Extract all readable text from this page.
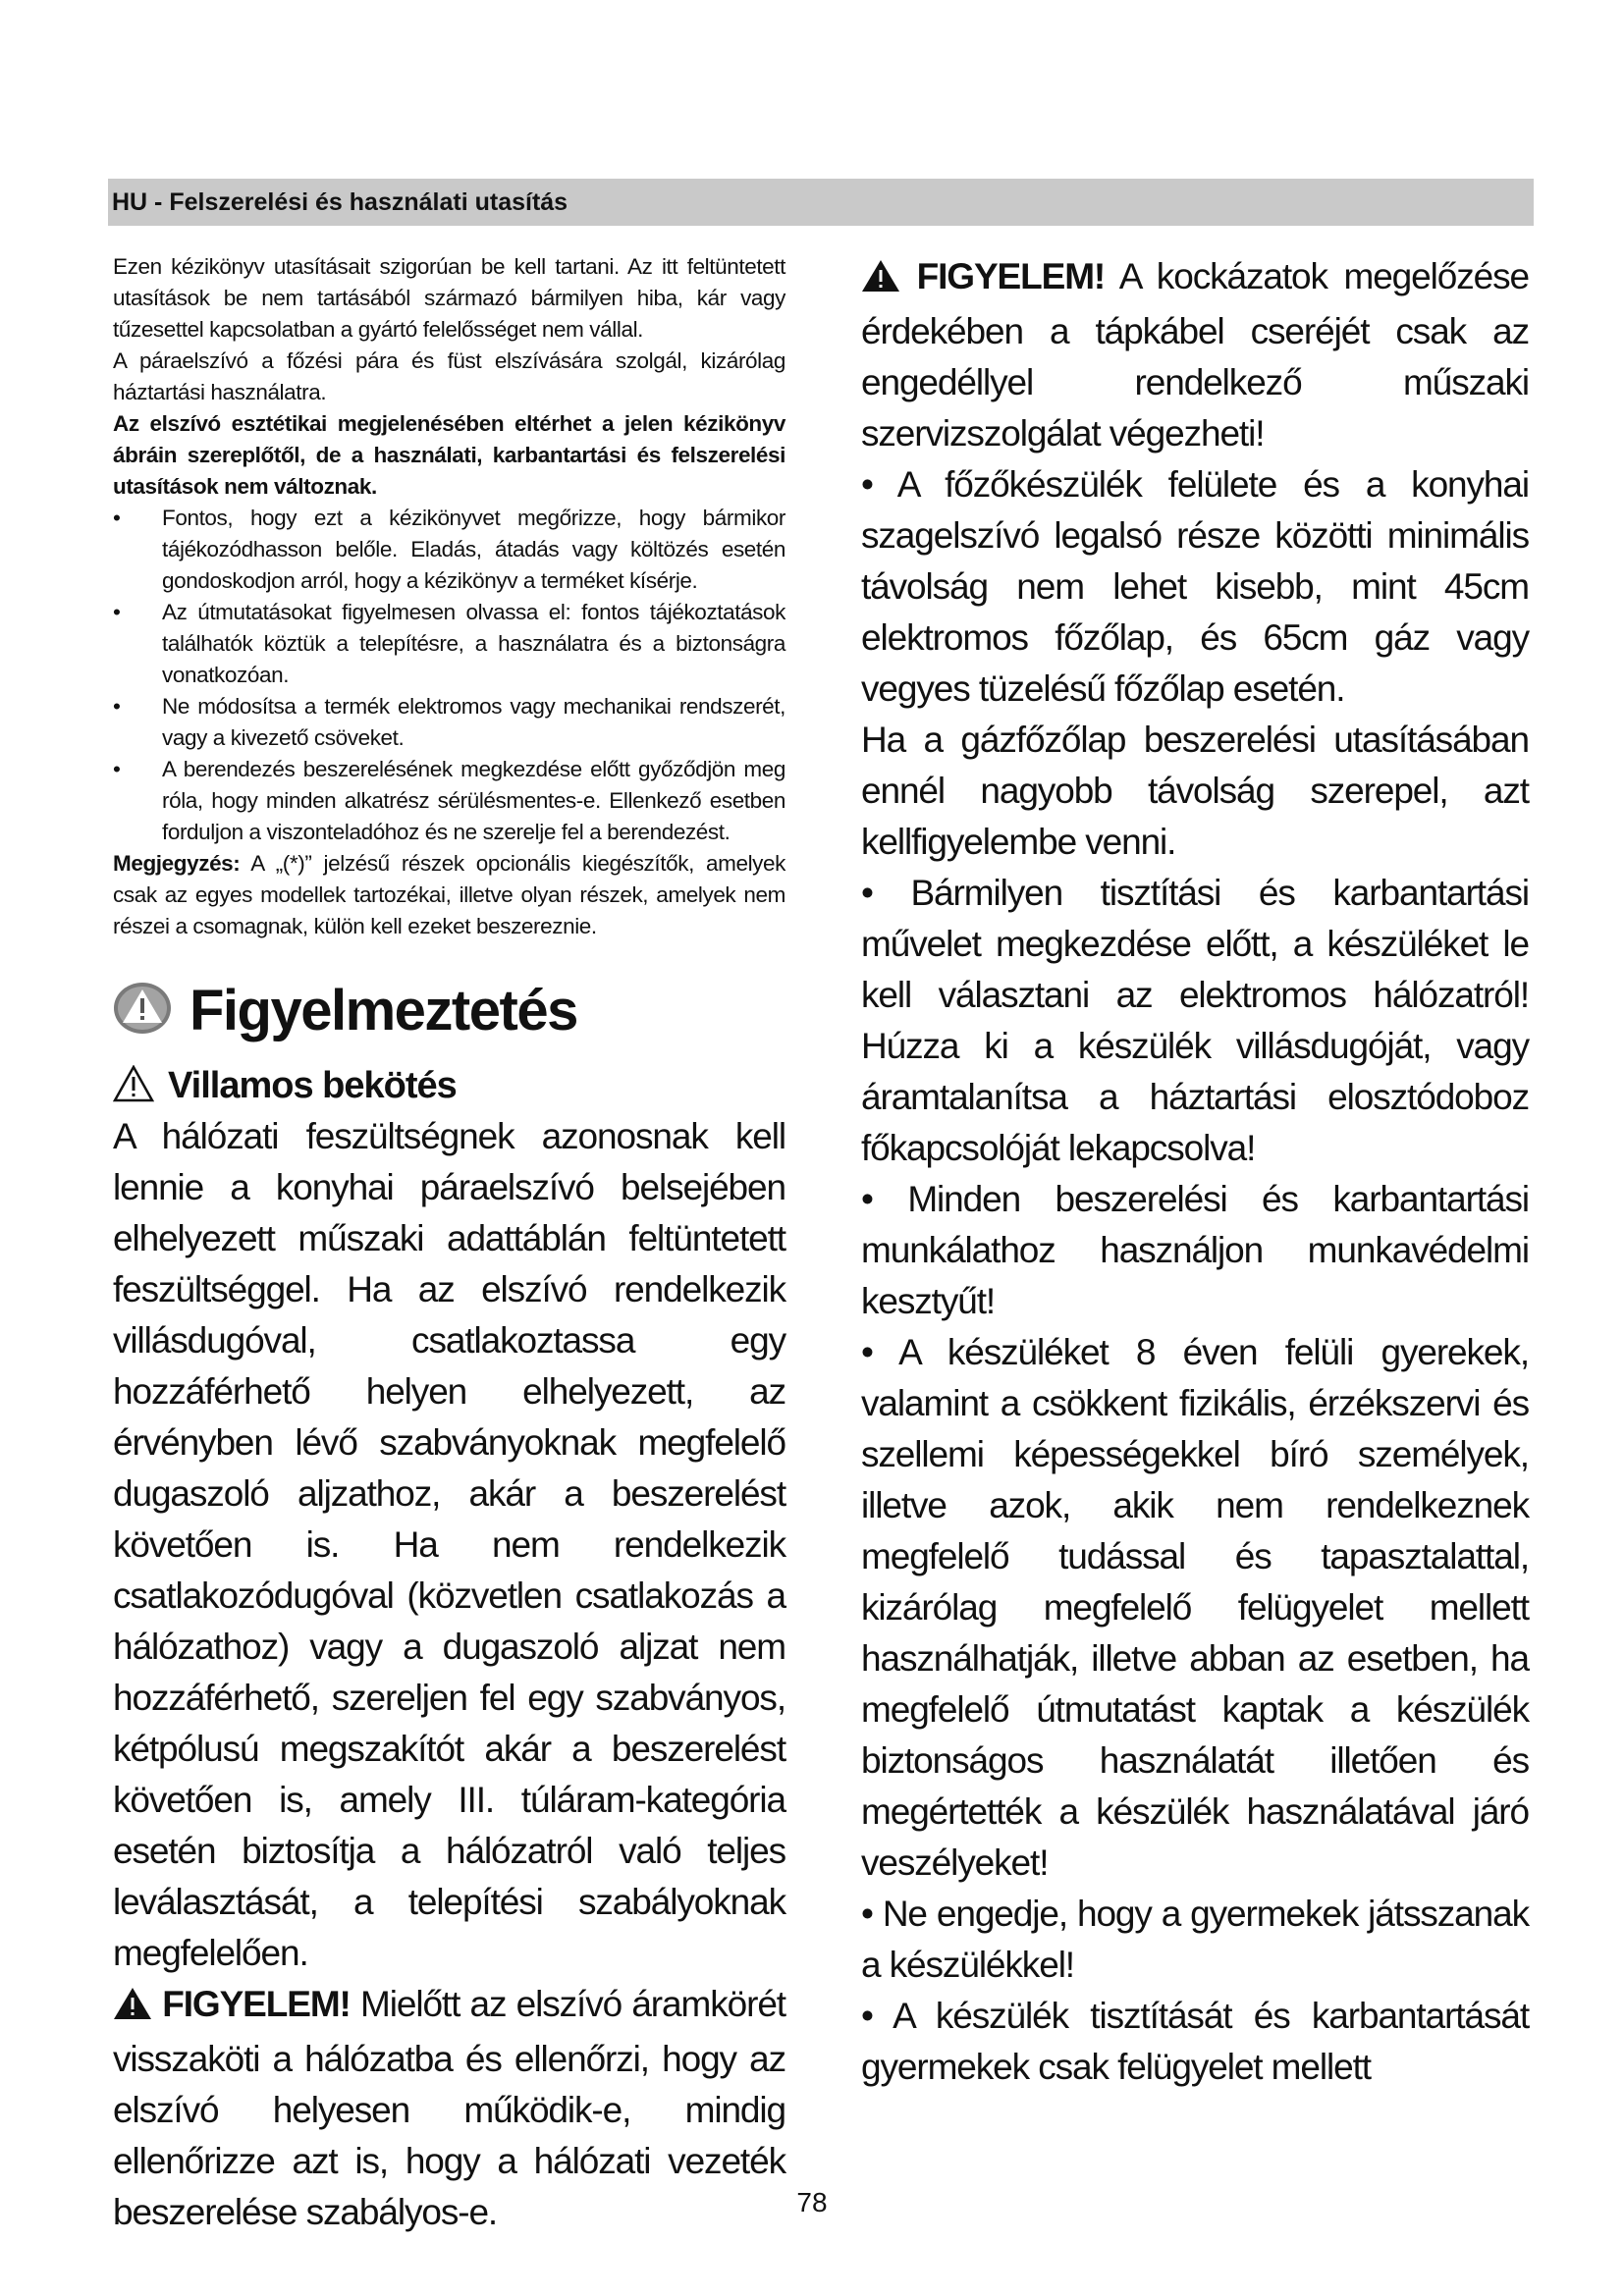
HU - Felszerelési és használati utasítás

Ezen kézikönyv utasításait szigorúan be kell tartani. Az itt feltüntetett utasítások be nem tartásából származó bármilyen hiba, kár vagy tűzesettel kapcsolatban a gyártó felelősséget nem vállal.

A páraelszívó a főzési pára és füst elszívására szolgál, kizárólag háztartási használatra.

Az elszívó esztétikai megjelenésében eltérhet a jelen kézikönyv ábráin szereplőtől, de a használati, karbantartási és felszerelési utasítások nem változnak.

• Fontos, hogy ezt a kézikönyvet megőrizze, hogy bármikor tájékozódhasson belőle. Eladás, átadás vagy költözés esetén gondoskodjon arról, hogy a kézikönyv a terméket kísérje.

• Az útmutatásokat figyelmesen olvassa el: fontos tájékoztatások találhatók köztük a telepítésre, a használatra és a biztonságra vonatkozóan.

• Ne módosítsa a termék elektromos vagy mechanikai rendszerét, vagy a kivezető csöveket.

• A berendezés beszerelésének megkezdése előtt győződjön meg róla, hogy minden alkatrész sérülésmentes-e. Ellenkező esetben forduljon a viszonteladóhoz és ne szerelje fel a berendezést.

Megjegyzés: A „(*)” jelzésű részek opcionális kiegészítők, amelyek csak az egyes modellek tartozékai, illetve olyan részek, amelyek nem részei a csomagnak, külön kell ezeket beszereznie.

Figyelmeztetés
Villamos bekötés

A hálózati feszültségnek azonosnak kell lennie a konyhai páraelszívó belsejében elhelyezett műszaki adattáblán feltüntetett feszültséggel. Ha az elszívó rendelkezik villásdugóval, csatlakoztassa egy hozzáférhető helyen elhelyezett, az érvényben lévő szabványoknak megfelelő dugaszoló aljzathoz, akár a beszerelést követően is. Ha nem rendelkezik csatlakozódugóval (közvetlen csatlakozás a hálózathoz) vagy a dugaszoló aljzat nem hozzáférhető, szereljen fel egy szabványos, kétpólusú megszakítót akár a beszerelést követően is, amely III. túláram-kategória esetén biztosítja a hálózatról való teljes leválasztását, a telepítési szabályoknak megfelelően.

FIGYELEM! Mielőtt az elszívó áramkörét visszaköti a hálózatba és ellenőrzi, hogy az elszívó helyesen működik-e, mindig ellenőrizze azt is, hogy a hálózati vezeték beszerelése szabályos-e.

FIGYELEM! A kockázatok megelőzése érdekében a tápkábel cseréjét csak az engedéllyel rendelkező műszaki szervizszolgálat végezheti!

• A főzőkészülék felülete és a konyhai szagelszívó legalsó része közötti minimális távolság nem lehet kisebb, mint 45cm elektromos főzőlap, és 65cm gáz vagy vegyes tüzelésű főzőlap esetén.

Ha a gázfőzőlap beszerelési utasításában ennél nagyobb távolság szerepel, azt kellfigyelembe venni.

• Bármilyen tisztítási és karbantartási művelet megkezdése előtt, a készüléket le kell választani az elektromos hálózatról! Húzza ki a készülék villásdugóját, vagy áramtalanítsa a háztartási elosztódoboz főkapcsolóját lekapcsolva!

• Minden beszerelési és karbantartási munkálathoz használjon munkavédelmi kesztyűt!

• A készüléket 8 éven felüli gyerekek, valamint a csökkent fizikális, érzékszervi és szellemi képességekkel bíró személyek, illetve azok, akik nem rendelkeznek megfelelő tudással és tapasztalattal, kizárólag megfelelő felügyelet mellett használhatják, illetve abban az esetben, ha megfelelő útmutatást kaptak a készülék biztonságos használatát illetően és megértették a készülék használatával járó veszélyeket!

• Ne engedje, hogy a gyermekek játsszanak a készülékkel!

• A készülék tisztítását és karbantartását gyermekek csak felügyelet mellett

78
